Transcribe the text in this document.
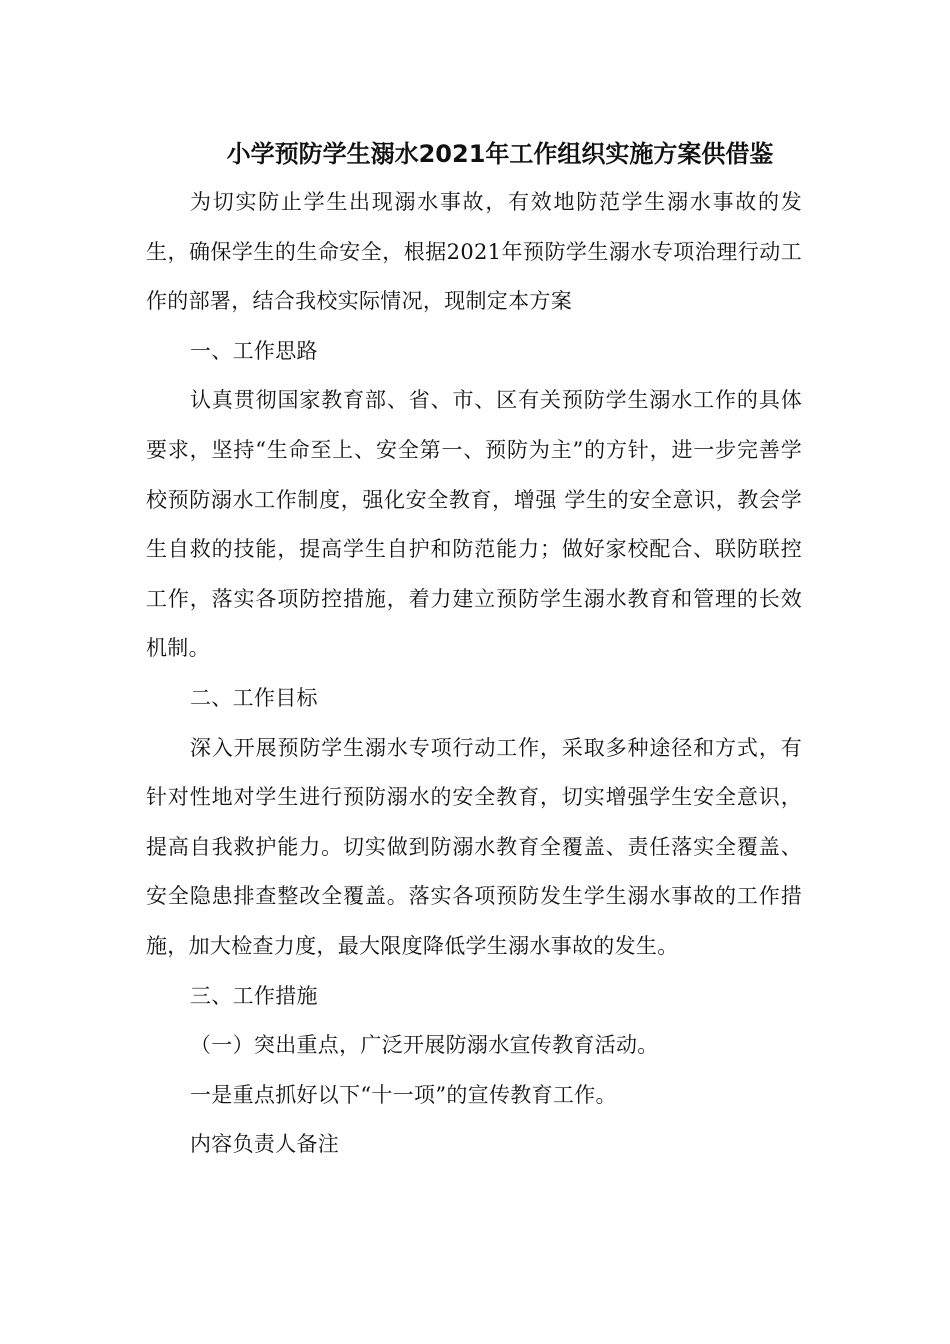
小学预防学生溺水2021年工作组织实施方案供借鉴

为切实防止学生出现溺水事故，有效地防范学生溺水事故的发生，确保学生的生命安全，根据2021年预防学生溺水专项治理行动工作的部署，结合我校实际情况，现制定本方案

一、工作思路

认真贯彻国家教育部、省、市、区有关预防学生溺水工作的具体要求，坚持“生命至上、安全第一、预防为主”的方针，进一步完善学校预防溺水工作制度，强化安全教育，增强 学生的安全意识，教会学生自救的技能，提高学生自护和防范能力；做好家校配合、联防联控工作，落实各项防控措施，着力建立预防学生溺水教育和管理的长效机制。

二、工作目标

深入开展预防学生溺水专项行动工作，采取多种途径和方式，有针对性地对学生进行预防溺水的安全教育，切实增强学生安全意识，提高自我救护能力。切实做到防溺水教育全覆盖、责任落实全覆盖、安全隐患排查整改全覆盖。落实各项预防发生学生溺水事故的工作措施，加大检查力度，最大限度降低学生溺水事故的发生。

三、工作措施

（一）突出重点，广泛开展防溺水宣传教育活动。

一是重点抓好以下“十一项”的宣传教育工作。

内容负责人备注
